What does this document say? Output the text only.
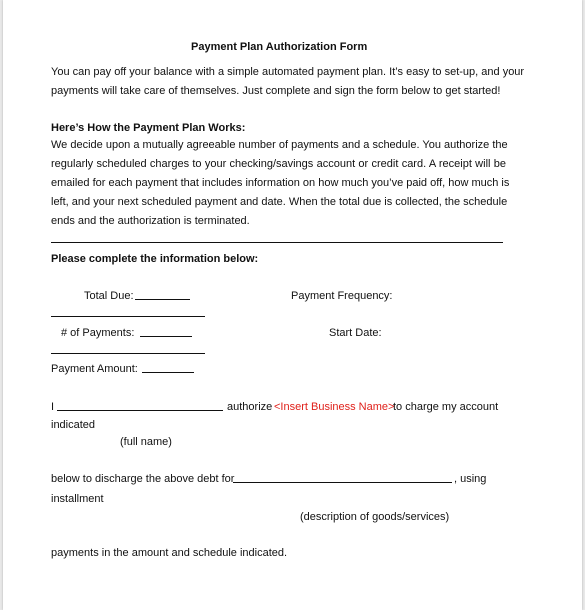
Payment Plan Authorization Form
You can pay off your balance with a simple automated payment plan. It’s easy to set-up, and your
payments will take care of themselves. Just complete and sign the form below to get started!
Here’s How the Payment Plan Works:
We decide upon a mutually agreeable number of payments and a schedule. You authorize the
regularly scheduled charges to your checking/savings account or credit card. A receipt will be
emailed for each payment that includes information on how much you’ve paid off, how much is
left, and your next scheduled payment and date. When the total due is collected, the schedule
ends and the authorization is terminated.
Please complete the information below:
Total Due:	Payment Frequency:
# of Payments:	Start Date:
Payment Amount:
I	authorize <Insert Business Name>
to charge my account
indicated
(full name)
below to discharge the above debt for	, using
installment
(description of goods/services)
payments in the amount and schedule indicated.
